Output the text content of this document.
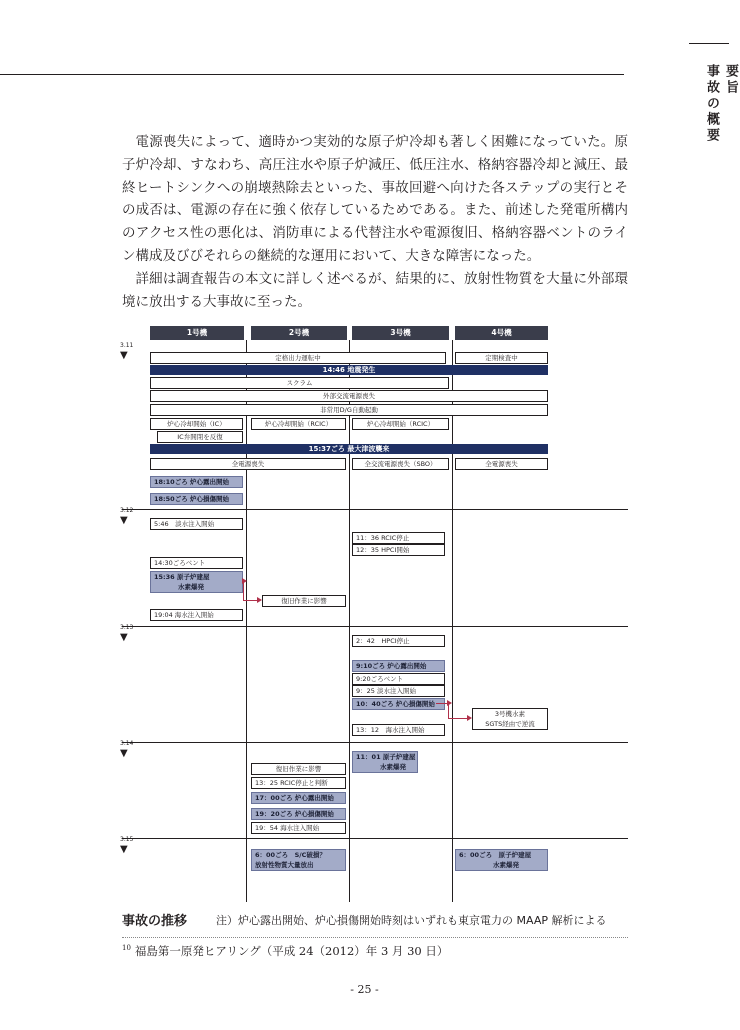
要旨
事故の概要

電源喪失によって、適時かつ実効的な原子炉冷却も著しく困難になっていた。原子炉冷却、すなわち、高圧注水や原子炉減圧、低圧注水、格納容器冷却と減圧、最終ヒートシンクへの崩壊熱除去といった、事故回避へ向けた各ステップの実行とその成否は、電源の存在に強く依存しているためである。また、前述した発電所構内のアクセス性の悪化は、消防車による代替注水や電源復旧、格納容器ベントのライン構成及びびそれらの継続的な運用において、大きな障害になった。

詳細は調査報告の本文に詳しく述べるが、結果的に、放射性物質を大量に外部環境に放出する大事故に至った。

1号機	2号機	3号機	4号機
3.11
▼
3.12
▼
3.13
▼
3.14
▼
3.15
▼
定格出力運転中	定期検査中
14:46 地震発生
スクラム
外部交流電源喪失
非常用D/G自動起動
炉心冷却開始（IC）	炉心冷却開始（RCIC）	炉心冷却開始（RCIC）
IC弁開閉を反復
15:37ごろ 最大津波襲来
全電源喪失	全交流電源喪失（SBO）	全電源喪失
18:10ごろ 炉心露出開始
18:50ごろ 炉心損傷開始
5:46　淡水注入開始
11：36 RCIC停止
12：35 HPCI開始
14:30ごろベント
15:36 原子炉建屋
水素爆発
復旧作業に影響
19:04 海水注入開始
2：42　HPCI停止
9:10ごろ 炉心露出開始
9:20ごろベント
9：25 淡水注入開始
10：40ごろ 炉心損傷開始
3号機水素
SGTS経由で逆流
13：12　海水注入開始
11：01 原子炉建屋
水素爆発
復旧作業に影響
13：25 RCIC停止と判断
17：00ごろ 炉心露出開始
19：20ごろ 炉心損傷開始
19：54 海水注入開始
6：00ごろ　S/C破損？
放射性物質大量放出
6：00ごろ　原子炉建屋
水素爆発
事故の推移	注）炉心露出開始、炉心損傷開始時刻はいずれも東京電力の MAAP 解析による
$^{10}$ 福島第一原発ヒアリング（平成 24（2012）年 3 月 30 日）
- 25 -
